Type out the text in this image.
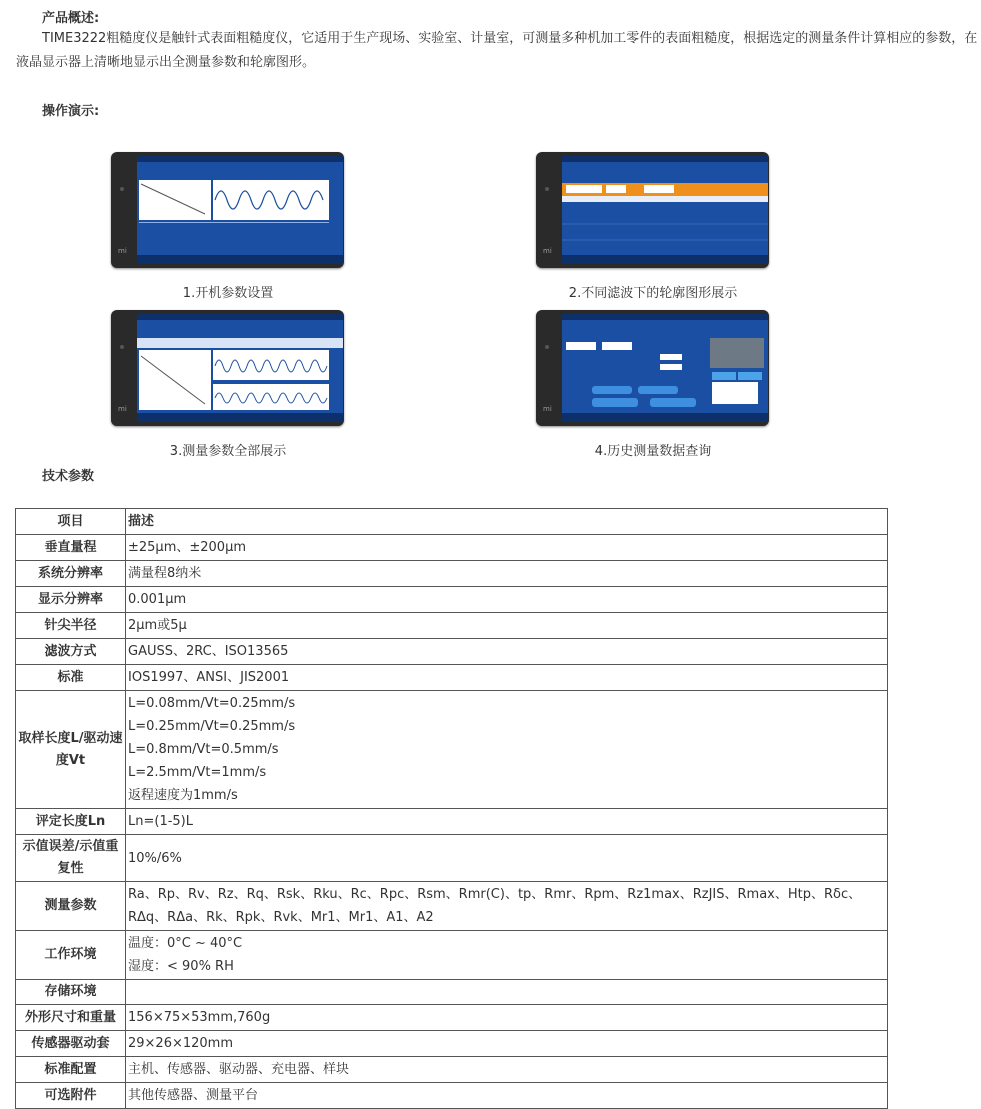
产品概述:
TIME3222粗糙度仪是触针式表面粗糙度仪，它适用于生产现场、实验室、计量室，可测量多种机加工零件的表面粗糙度，根据选定的测量条件计算相应的参数，在液晶显示器上清晰地显示出全测量参数和轮廓图形。
操作演示:
mi
1.开机参数设置
mi
2.不同滤波下的轮廓图形展示
mi
3.测量参数全部展示
mi
4.历史测量数据查询
技术参数
项目	描述
垂直量程	±25μm、±200μm

系统分辨率	满量程8纳米

显示分辨率	0.001μm

针尖半径	2μm或5μ

滤波方式	GAUSS、2RC、ISO13565

标准	IOS1997、ANSI、JIS2001

取样长度L/驱动速度Vt	L=0.08mm/Vt=0.25mm/s
L=0.25mm/Vt=0.25mm/s
L=0.8mm/Vt=0.5mm/s
L=2.5mm/Vt=1mm/s
返程速度为1mm/s

评定长度Ln	Ln=(1-5)L

示值误差/示值重复性	10%/6%

测量参数	Ra、Rp、Rv、Rz、Rq、Rsk、Rku、Rc、Rpc、Rsm、Rmr(C)、tp、Rmr、Rpm、Rz1max、RzJIS、Rmax、Htp、Rδc、RΔq、RΔa、Rk、Rpk、Rvk、Mr1、Mr1、A1、A2

工作环境	温度：0°C ~ 40°C
湿度：< 90% RH

存储环境	

外形尺寸和重量	156×75×53mm,760g

传感器驱动套	29×26×120mm

标准配置	主机、传感器、驱动器、充电器、样块

可选附件	其他传感器、测量平台
